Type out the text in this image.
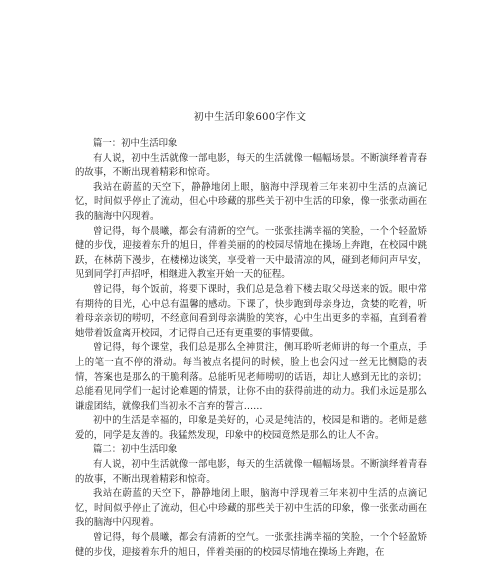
初中生活印象600字作文

篇一：初中生活印象

有人说，初中生活就像一部电影，每天的生活就像一幅幅场景。不断演绎着青春的故事，不断出现着精彩和惊奇。

我站在蔚蓝的天空下，静静地闭上眼，脑海中浮现着三年来初中生活的点滴记忆，时间似乎停止了流动，但心中珍藏的那些关于初中生活的印象，像一张张动画在我的脑海中闪现着。

曾记得，每个晨曦，都会有清新的空气。一张张挂满幸福的笑脸，一个个轻盈矫健的步伐，迎接着东升的旭日，伴着美丽的的校园尽情地在操场上奔跑，在校园中跳跃，在林荫下漫步，在楼梯边谈笑，享受着一天中最清凉的风，碰到老师问声早安，见到同学打声招呼，相继进入教室开始一天的征程。

曾记得，每个饭前，将要下课时，我们总是急着下楼去取父母送来的饭。眼中常有期待的目光，心中总有温馨的感动。下课了，快步跑到母亲身边，贪婪的吃着，听着母亲亲切的唠叨，不经意间看到母亲满脸的笑容，心中生出更多的幸福，直到看着她带着饭盒离开校园，才记得自己还有更重要的事情要做。

曾记得，每个课堂，我们总是那么全神贯注，侧耳聆听老师讲的每一个重点，手上的笔一直不停的滑动。每当被点名提问的时候，脸上也会闪过一丝无比恻隐的表情，答案也是那么的干脆利落。总能听见老师唠叨的话语，却让人感到无比的亲切；总能看见同学们一起讨论难题的情景，让你不由的获得前进的动力。我们永远是那么谦虚团结，就像我们当初永不言弃的誓言……

初中的生活是幸福的，印象是美好的，心灵是纯洁的，校园是和谐的。老师是慈爱的，同学是友善的。我猛然发现，印象中的校园竟然是那么的让人不舍。

篇二：初中生活印象

有人说，初中生活就像一部电影，每天的生活就像一幅幅场景。不断演绎着青春的故事，不断出现着精彩和惊奇。

我站在蔚蓝的天空下，静静地闭上眼，脑海中浮现着三年来初中生活的点滴记忆，时间似乎停止了流动，但心中珍藏的那些关于初中生活的印象，像一张张动画在我的脑海中闪现着。

曾记得，每个晨曦，都会有清新的空气。一张张挂满幸福的笑脸，一个个轻盈矫健的步伐，迎接着东升的旭日，伴着美丽的的校园尽情地在操场上奔跑，在
